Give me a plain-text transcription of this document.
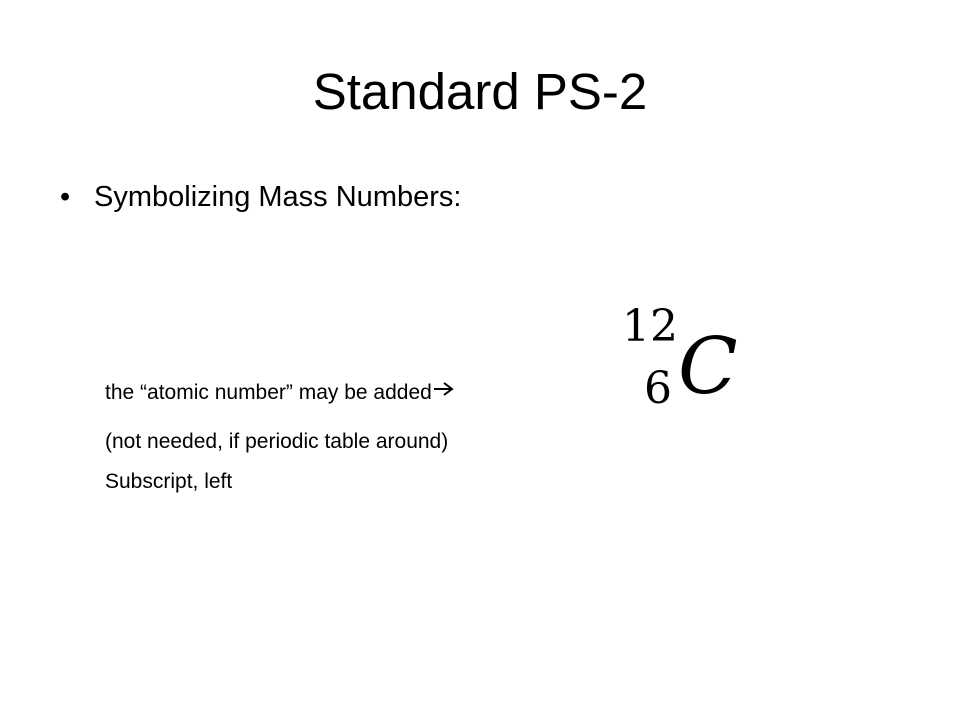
Standard PS-2
• Symbolizing Mass Numbers:
the “atomic number” may be added
(not needed, if periodic table around)
Subscript, left
12
6 C
